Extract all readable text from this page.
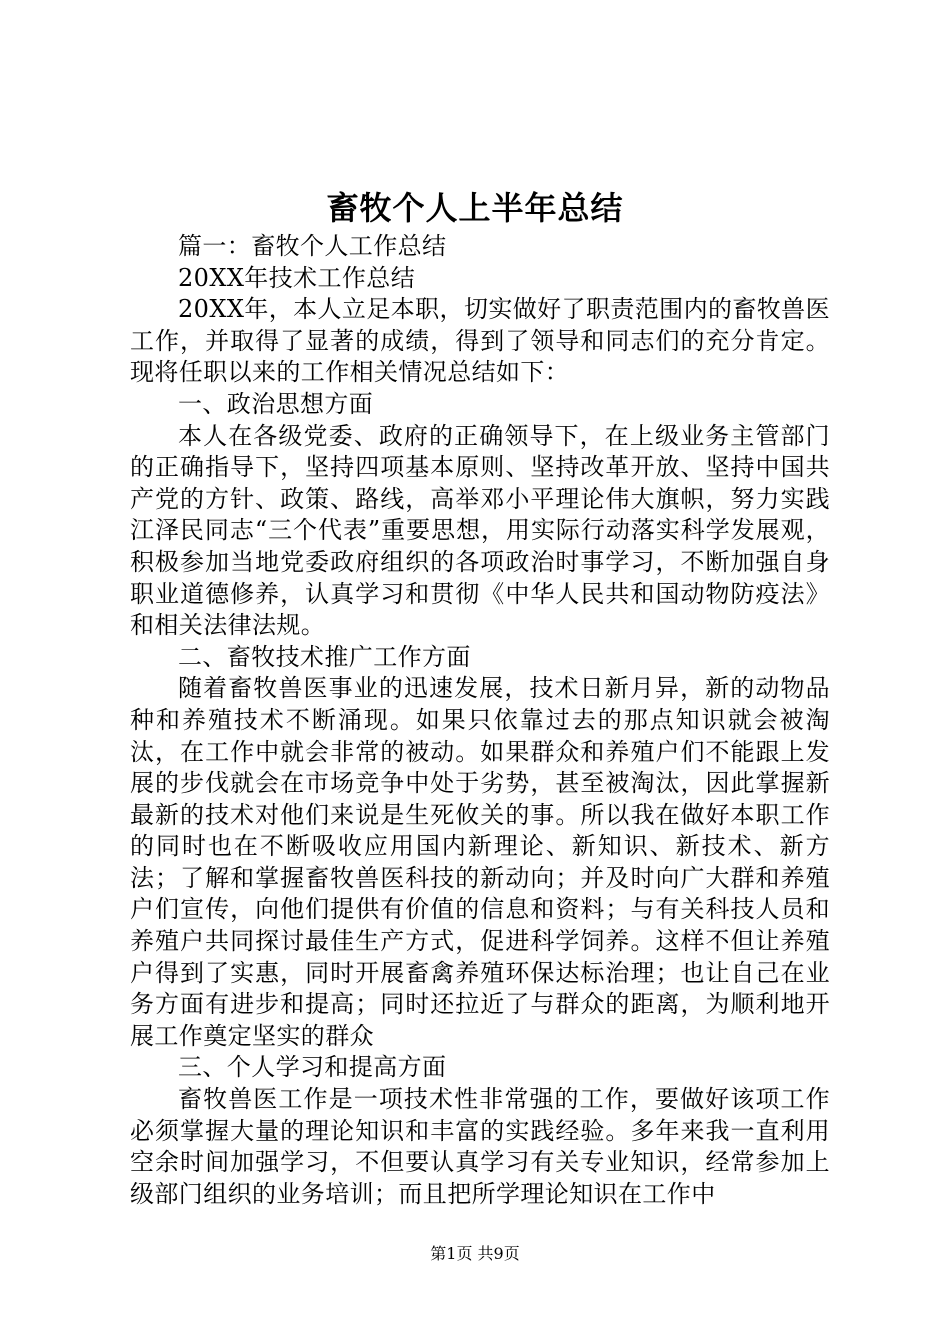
畜牧个人上半年总结

篇一：畜牧个人工作总结

20XX年技术工作总结

20XX年，本人立足本职，切实做好了职责范围内的畜牧兽医工作，并取得了显著的成绩，得到了领导和同志们的充分肯定。现将任职以来的工作相关情况总结如下：

一、政治思想方面

本人在各级党委、政府的正确领导下，在上级业务主管部门的正确指导下，坚持四项基本原则、坚持改革开放、坚持中国共产党的方针、政策、路线，高举邓小平理论伟大旗帜，努力实践江泽民同志“三个代表”重要思想，用实际行动落实科学发展观，积极参加当地党委政府组织的各项政治时事学习，不断加强自身职业道德修养，认真学习和贯彻《中华人民共和国动物防疫法》和相关法律法规。

二、畜牧技术推广工作方面

随着畜牧兽医事业的迅速发展，技术日新月异，新的动物品种和养殖技术不断涌现。如果只依靠过去的那点知识就会被淘汰，在工作中就会非常的被动。如果群众和养殖户们不能跟上发展的步伐就会在市场竞争中处于劣势，甚至被淘汰，因此掌握新最新的技术对他们来说是生死攸关的事。所以我在做好本职工作的同时也在不断吸收应用国内新理论、新知识、新技术、新方法；了解和掌握畜牧兽医科技的新动向；并及时向广大群和养殖户们宣传，向他们提供有价值的信息和资料；与有关科技人员和养殖户共同探讨最佳生产方式，促进科学饲养。这样不但让养殖户得到了实惠，同时开展畜禽养殖环保达标治理；也让自己在业务方面有进步和提高；同时还拉近了与群众的距离，为顺利地开展工作奠定坚实的群众

三、个人学习和提高方面

畜牧兽医工作是一项技术性非常强的工作，要做好该项工作必须掌握大量的理论知识和丰富的实践经验。多年来我一直利用空余时间加强学习，不但要认真学习有关专业知识，经常参加上级部门组织的业务培训；而且把所学理论知识在工作中

第1页 共9页
